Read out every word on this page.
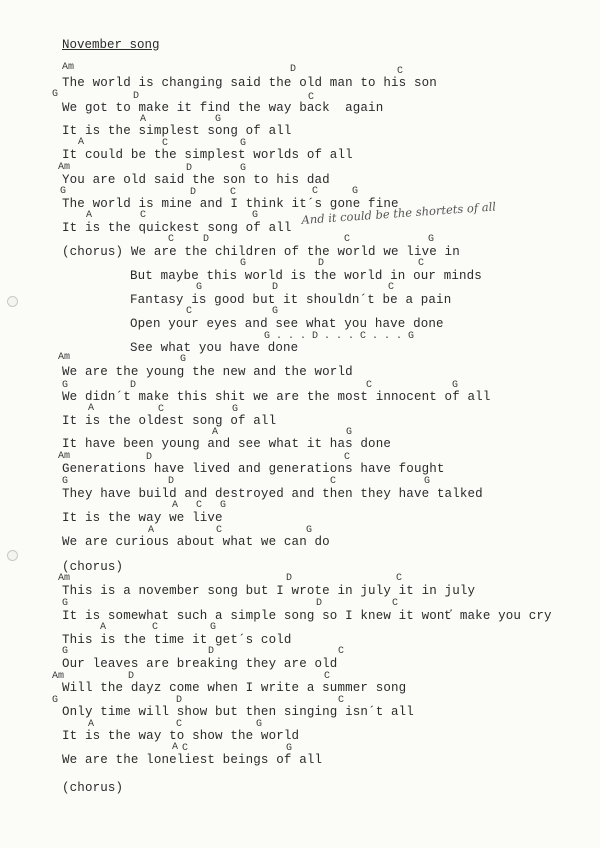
November song
The world is changing said the old man to his son
We got to make it find the way back  again
It is the simplest song of all
It could be the simplest worlds of all
You are old said the son to his dad
The world is mine and I think it´s gone fine
It is the quickest song of all
(chorus) We are the children of the world we live in
But maybe this world is the world in our minds
Fantasy is good but it shouldn´t be a pain
Open your eyes and see what you have done
See what you have done
We are the young the new and the world
We didn´t make this shit we are the most innocent of all
It is the oldest song of all
It have been young and see what it has done
Generations have lived and generations have fought
They have build and destroyed and then they have talked
It is the way we live
We are curious about what we can do
(chorus)
This is a november song but I wrote in july it in july
It is somewhat such a simple song so I knew it wonť make you cry
This is the time it get´s cold
Our leaves are breaking they are old
Will the dayz come when I write a summer song
Only time will show but then singing isn´t all
It is the way to show the world
We are the loneliest beings of all
(chorus)
Am	D	C
G	D	C
A	G
A	C	G
Am	D	G
G	D	C	C	G
A	C	G
C	D	C	G
G	D	C
G	D	C
C	G
G . . . D . . . C . . . G
Am	G
G	D	C	G
A	C	G
A	G
Am	D	C
G	D	C	G
A   C   G
A	C	G
Am	D	C
G	D	C
A	C	G
G	D	C
Am	D	C
G	D	C
A	C	G
A C	G
And it could be the shortets of all
